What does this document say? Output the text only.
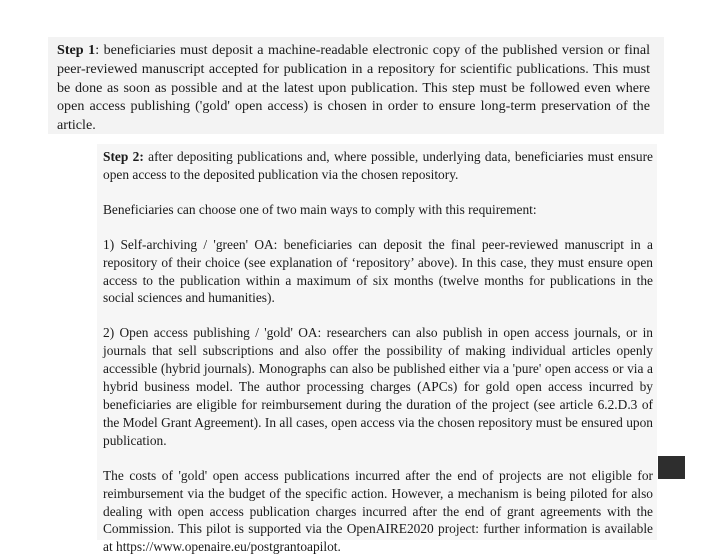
Step 1: beneficiaries must deposit a machine-readable electronic copy of the published version or final peer-reviewed manuscript accepted for publication in a repository for scientific publications. This must be done as soon as possible and at the latest upon publication. This step must be followed even where open access publishing ('gold' open access) is chosen in order to ensure long-term preservation of the article.

Step 2: after depositing publications and, where possible, underlying data, beneficiaries must ensure open access to the deposited publication via the chosen repository.

Beneficiaries can choose one of two main ways to comply with this requirement:

1) Self-archiving / 'green' OA: beneficiaries can deposit the final peer-reviewed manuscript in a repository of their choice (see explanation of ‘repository’ above). In this case, they must ensure open access to the publication within a maximum of six months (twelve months for publications in the social sciences and humanities).

2) Open access publishing / 'gold' OA: researchers can also publish in open access journals, or in journals that sell subscriptions and also offer the possibility of making individual articles openly accessible (hybrid journals). Monographs can also be published either via a 'pure' open access or via a hybrid business model. The author processing charges (APCs) for gold open access incurred by beneficiaries are eligible for reimbursement during the duration of the project (see article 6.2.D.3 of the Model Grant Agreement). In all cases, open access via the chosen repository must be ensured upon publication.

The costs of 'gold' open access publications incurred after the end of projects are not eligible for reimbursement via the budget of the specific action. However, a mechanism is being piloted for also dealing with open access publication charges incurred after the end of grant agreements with the Commission. This pilot is supported via the OpenAIRE2020 project: further information is available at https://www.openaire.eu/postgrantoapilot.
